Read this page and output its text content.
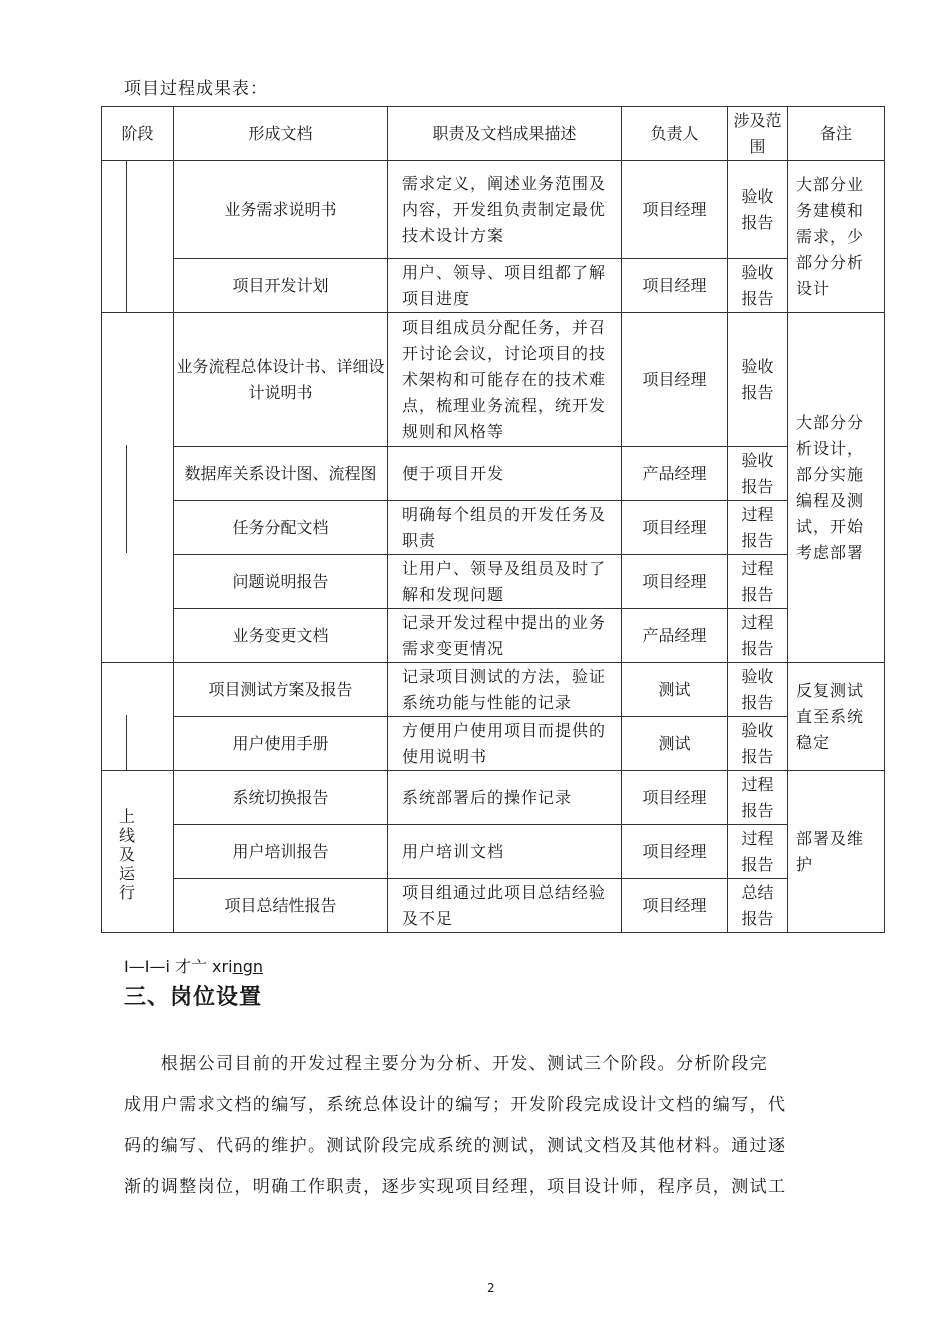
项目过程成果表：
阶段	形成文档	职责及文档成果描述	负责人	涉及范围	备注

	业务需求说明书	需求定义，阐述业务范围及内容，开发组负责制定最优技术设计方案	项目经理	验收报告	大部分业务建模和需求，少部分分析设计
	项目开发计划	用户、领导、项目组都了解项目进度	项目经理	验收报告	

	业务流程总体设计书、详细设计说明书	项目组成员分配任务，并召开讨论会议，讨论项目的技术架构和可能存在的技术难点，梳理业务流程，统开发规则和风格等	项目经理	验收报告	大部分分析设计，部分实施编程及测试，开始考虑部署
	数据库关系设计图、流程图	便于项目开发	产品经理	验收报告	
	任务分配文档	明确每个组员的开发任务及职责	项目经理	过程报告	
	问题说明报告	让用户、领导及组员及时了解和发现问题	项目经理	过程报告	
	业务变更文档	记录开发过程中提出的业务需求变更情况	产品经理	过程报告	

	项目测试方案及报告	记录项目测试的方法，验证系统功能与性能的记录	测试	验收报告	反复测试直至系统稳定
	用户使用手册	方便用户使用项目而提供的使用说明书	测试	验收报告	

上线及运行	系统切换报告	系统部署后的操作记录	项目经理	过程报告	部署及维护
	用户培训报告	用户培训文档	项目经理	过程报告	
	项目总结性报告	项目组通过此项目总结经验及不足	项目经理	总结报告	
I—I—i 才亠 xringn
三、岗位设置
　　根据公司目前的开发过程主要分为分析、开发、测试三个阶段。分析阶段完
成用户需求文档的编写，系统总体设计的编写；开发阶段完成设计文档的编写，代
码的编写、代码的维护。测试阶段完成系统的测试，测试文档及其他材料。通过逐
渐的调整岗位，明确工作职责，逐步实现项目经理，项目设计师，程序员，测试工
2
